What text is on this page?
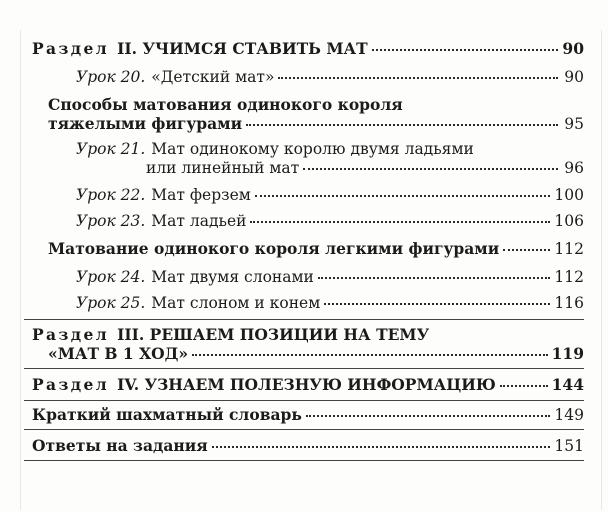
Раздел II. УЧИМСЯ СТАВИТЬ МАТ	90
Урок 20. «Детский мат»	90
Способы матования одинокого короля
тяжелыми фигурами	95
Урок 21. Мат одинокому королю двумя ладьями
или линейный мат	96
Урок 22. Мат ферзем	100
Урок 23. Мат ладьей	106
Матование одинокого короля легкими фигурами	112
Урок 24. Мат двумя слонами	112
Урок 25. Мат слоном и конем	116
Раздел III. РЕШАЕМ ПОЗИЦИИ НА ТЕМУ
«МАТ В 1 ХОД»	119
Раздел IV. УЗНАЕМ ПОЛЕЗНУЮ ИНФОРМАЦИЮ	144
Краткий шахматный словарь	149
Ответы на задания	151
